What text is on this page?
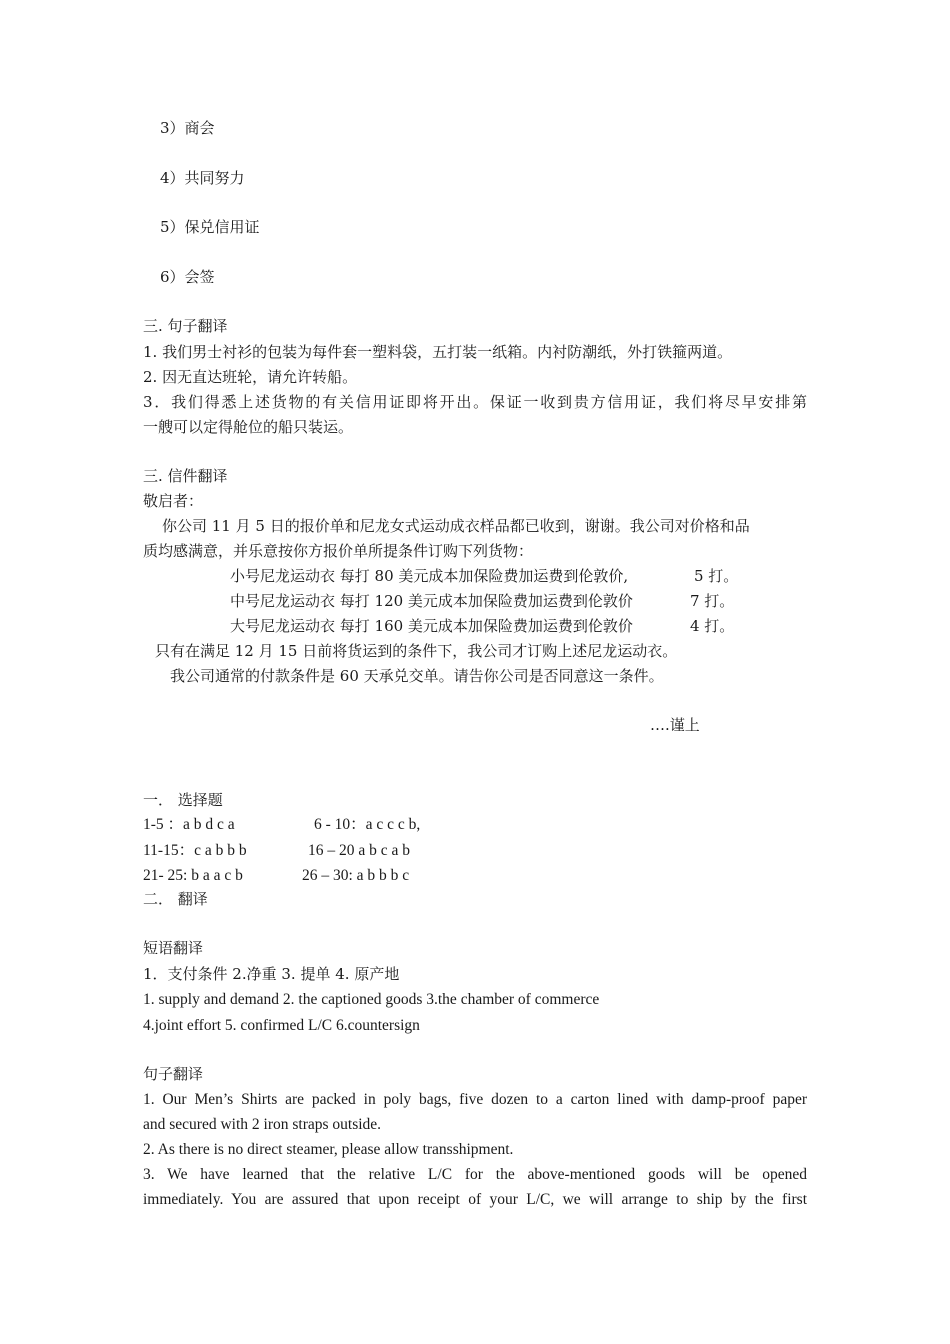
3）商会
4）共同努力
5）保兑信用证
6）会签
三. 句子翻译
1. 我们男士衬衫的包装为每件套一塑料袋，五打装一纸箱。内衬防潮纸，外打铁箍两道。
2. 因无直达班轮，请允许转船。
3．我们得悉上述货物的有关信用证即将开出。保证一收到贵方信用证，我们将尽早安排第
一艘可以定得舱位的船只装运。
三. 信件翻译
敬启者：
你公司 11 月 5 日的报价单和尼龙女式运动成衣样品都已收到，谢谢。我公司对价格和品
质均感满意，并乐意按你方报价单所提条件订购下列货物：
小号尼龙运动衣 每打 80 美元成本加保险费加运费到伦敦价,	5 打。
中号尼龙运动衣 每打 120 美元成本加保险费加运费到伦敦价	7 打。
大号尼龙运动衣 每打 160 美元成本加保险费加运费到伦敦价	4 打。
只有在满足 12 月 15 日前将货运到的条件下，我公司才订购上述尼龙运动衣。
我公司通常的付款条件是 60 天承兑交单。请告你公司是否同意这一条件。
….谨上
一． 选择题
1-5 ：a b d c a	6 - 10：a c c c b,
11-15：c a b b b	16 – 20 a b c a b
21- 25: b a a c b	26 – 30: a b b b c
二． 翻译
短语翻译
1．支付条件 2.净重 3. 提单 4. 原产地
1. supply and demand 2. the captioned goods 3.the chamber of commerce
4.joint effort 5. confirmed L/C 6.countersign
句子翻译
1. Our Men’s Shirts are packed in poly bags, five dozen to a carton lined with damp-proof paper
and secured with 2 iron straps outside.
2. As there is no direct steamer, please allow transshipment.
3. We have learned that the relative L/C for the above-mentioned goods will be opened
immediately. You are assured that upon receipt of your L/C, we will arrange to ship by the first
